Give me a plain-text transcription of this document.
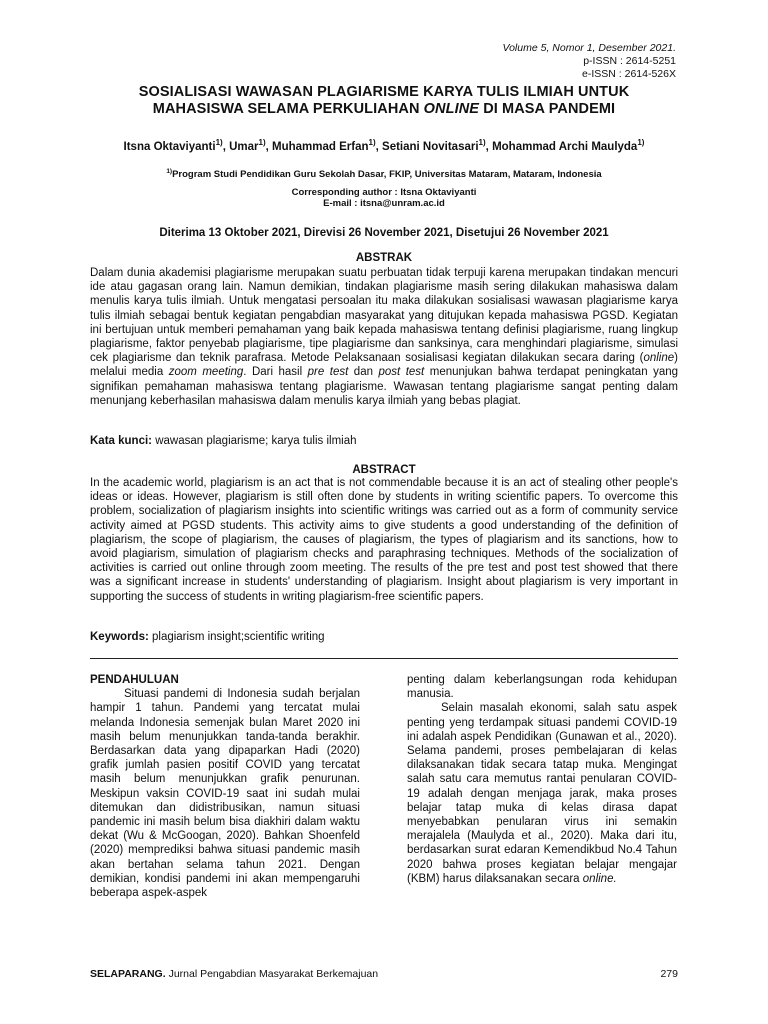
Volume 5, Nomor 1, Desember 2021.
p-ISSN : 2614-5251
e-ISSN : 2614-526X
SOSIALISASI WAWASAN PLAGIARISME KARYA TULIS ILMIAH UNTUK
MAHASISWA SELAMA PERKULIAHAN ONLINE DI MASA PANDEMI
Itsna Oktaviyanti$^{1)}$, Umar$^{1)}$, Muhammad Erfan$^{1)}$, Setiani Novitasari$^{1)}$, Mohammad Archi Maulyda$^{1)}$
$^{1)}$Program Studi Pendidikan Guru Sekolah Dasar, FKIP, Universitas Mataram, Mataram, Indonesia
Corresponding author : Itsna Oktaviyanti
E-mail : itsna@unram.ac.id
Diterima 13 Oktober 2021, Direvisi 26 November 2021, Disetujui 26 November 2021
ABSTRAK
Dalam dunia akademisi plagiarisme merupakan suatu perbuatan tidak terpuji karena merupakan tindakan mencuri ide atau gagasan orang lain. Namun demikian, tindakan plagiarisme masih sering dilakukan mahasiswa dalam menulis karya tulis ilmiah. Untuk mengatasi persoalan itu maka dilakukan sosialisasi wawasan plagiarisme karya tulis ilmiah sebagai bentuk kegiatan pengabdian masyarakat yang ditujukan kepada mahasiswa PGSD. Kegiatan ini bertujuan untuk memberi pemahaman yang baik kepada mahasiswa tentang definisi plagiarisme, ruang lingkup plagiarisme, faktor penyebab plagiarisme, tipe plagiarisme dan sanksinya, cara menghindari plagiarisme, simulasi cek plagiarisme dan teknik parafrasa. Metode Pelaksanaan sosialisasi kegiatan dilakukan secara daring (online) melalui media zoom meeting. Dari hasil pre test dan post test menunjukan bahwa terdapat peningkatan yang signifikan pemahaman mahasiswa tentang plagiarisme. Wawasan tentang plagiarisme sangat penting dalam menunjang keberhasilan mahasiswa dalam menulis karya ilmiah yang bebas plagiat.
Kata kunci: wawasan plagiarisme; karya tulis ilmiah
ABSTRACT
In the academic world, plagiarism is an act that is not commendable because it is an act of stealing other people's ideas or ideas. However, plagiarism is still often done by students in writing scientific papers. To overcome this problem, socialization of plagiarism insights into scientific writings was carried out as a form of community service activity aimed at PGSD students. This activity aims to give students a good understanding of the definition of plagiarism, the scope of plagiarism, the causes of plagiarism, the types of plagiarism and its sanctions, how to avoid plagiarism, simulation of plagiarism checks and paraphrasing techniques. Methods of the socialization of activities is carried out online through zoom meeting. The results of the pre test and post test showed that there was a significant increase in students' understanding of plagiarism. Insight about plagiarism is very important in supporting the success of students in writing plagiarism-free scientific papers.
Keywords: plagiarism insight;scientific writing

PENDAHULUAN

Situasi pandemi di Indonesia sudah berjalan hampir 1 tahun. Pandemi yang tercatat mulai melanda Indonesia semenjak bulan Maret 2020 ini masih belum menunjukkan tanda-tanda berakhir. Berdasarkan data yang dipaparkan Hadi (2020) grafik jumlah pasien positif COVID yang tercatat masih belum menunjukkan grafik penurunan. Meskipun vaksin COVID-19 saat ini sudah mulai ditemukan dan didistribusikan, namun situasi pandemic ini masih belum bisa diakhiri dalam waktu dekat (Wu & McGoogan, 2020). Bahkan Shoenfeld (2020) memprediksi bahwa situasi pandemic masih akan bertahan selama tahun 2021. Dengan demikian, kondisi pandemi ini akan mempengaruhi beberapa aspek-aspek

penting dalam keberlangsungan roda kehidupan manusia.

Selain masalah ekonomi, salah satu aspek penting yeng terdampak situasi pandemi COVID-19 ini adalah aspek Pendidikan (Gunawan et al., 2020). Selama pandemi, proses pembelajaran di kelas dilaksanakan tidak secara tatap muka. Mengingat salah satu cara memutus rantai penularan COVID-19 adalah dengan menjaga jarak, maka proses belajar tatap muka di kelas dirasa dapat menyebabkan penularan virus ini semakin merajalela (Maulyda et al., 2020). Maka dari itu, berdasarkan surat edaran Kemendikbud No.4 Tahun 2020 bahwa proses kegiatan belajar mengajar (KBM) harus dilaksanakan secara online.

SELAPARANG. Jurnal Pengabdian Masyarakat Berkemajuan	279
